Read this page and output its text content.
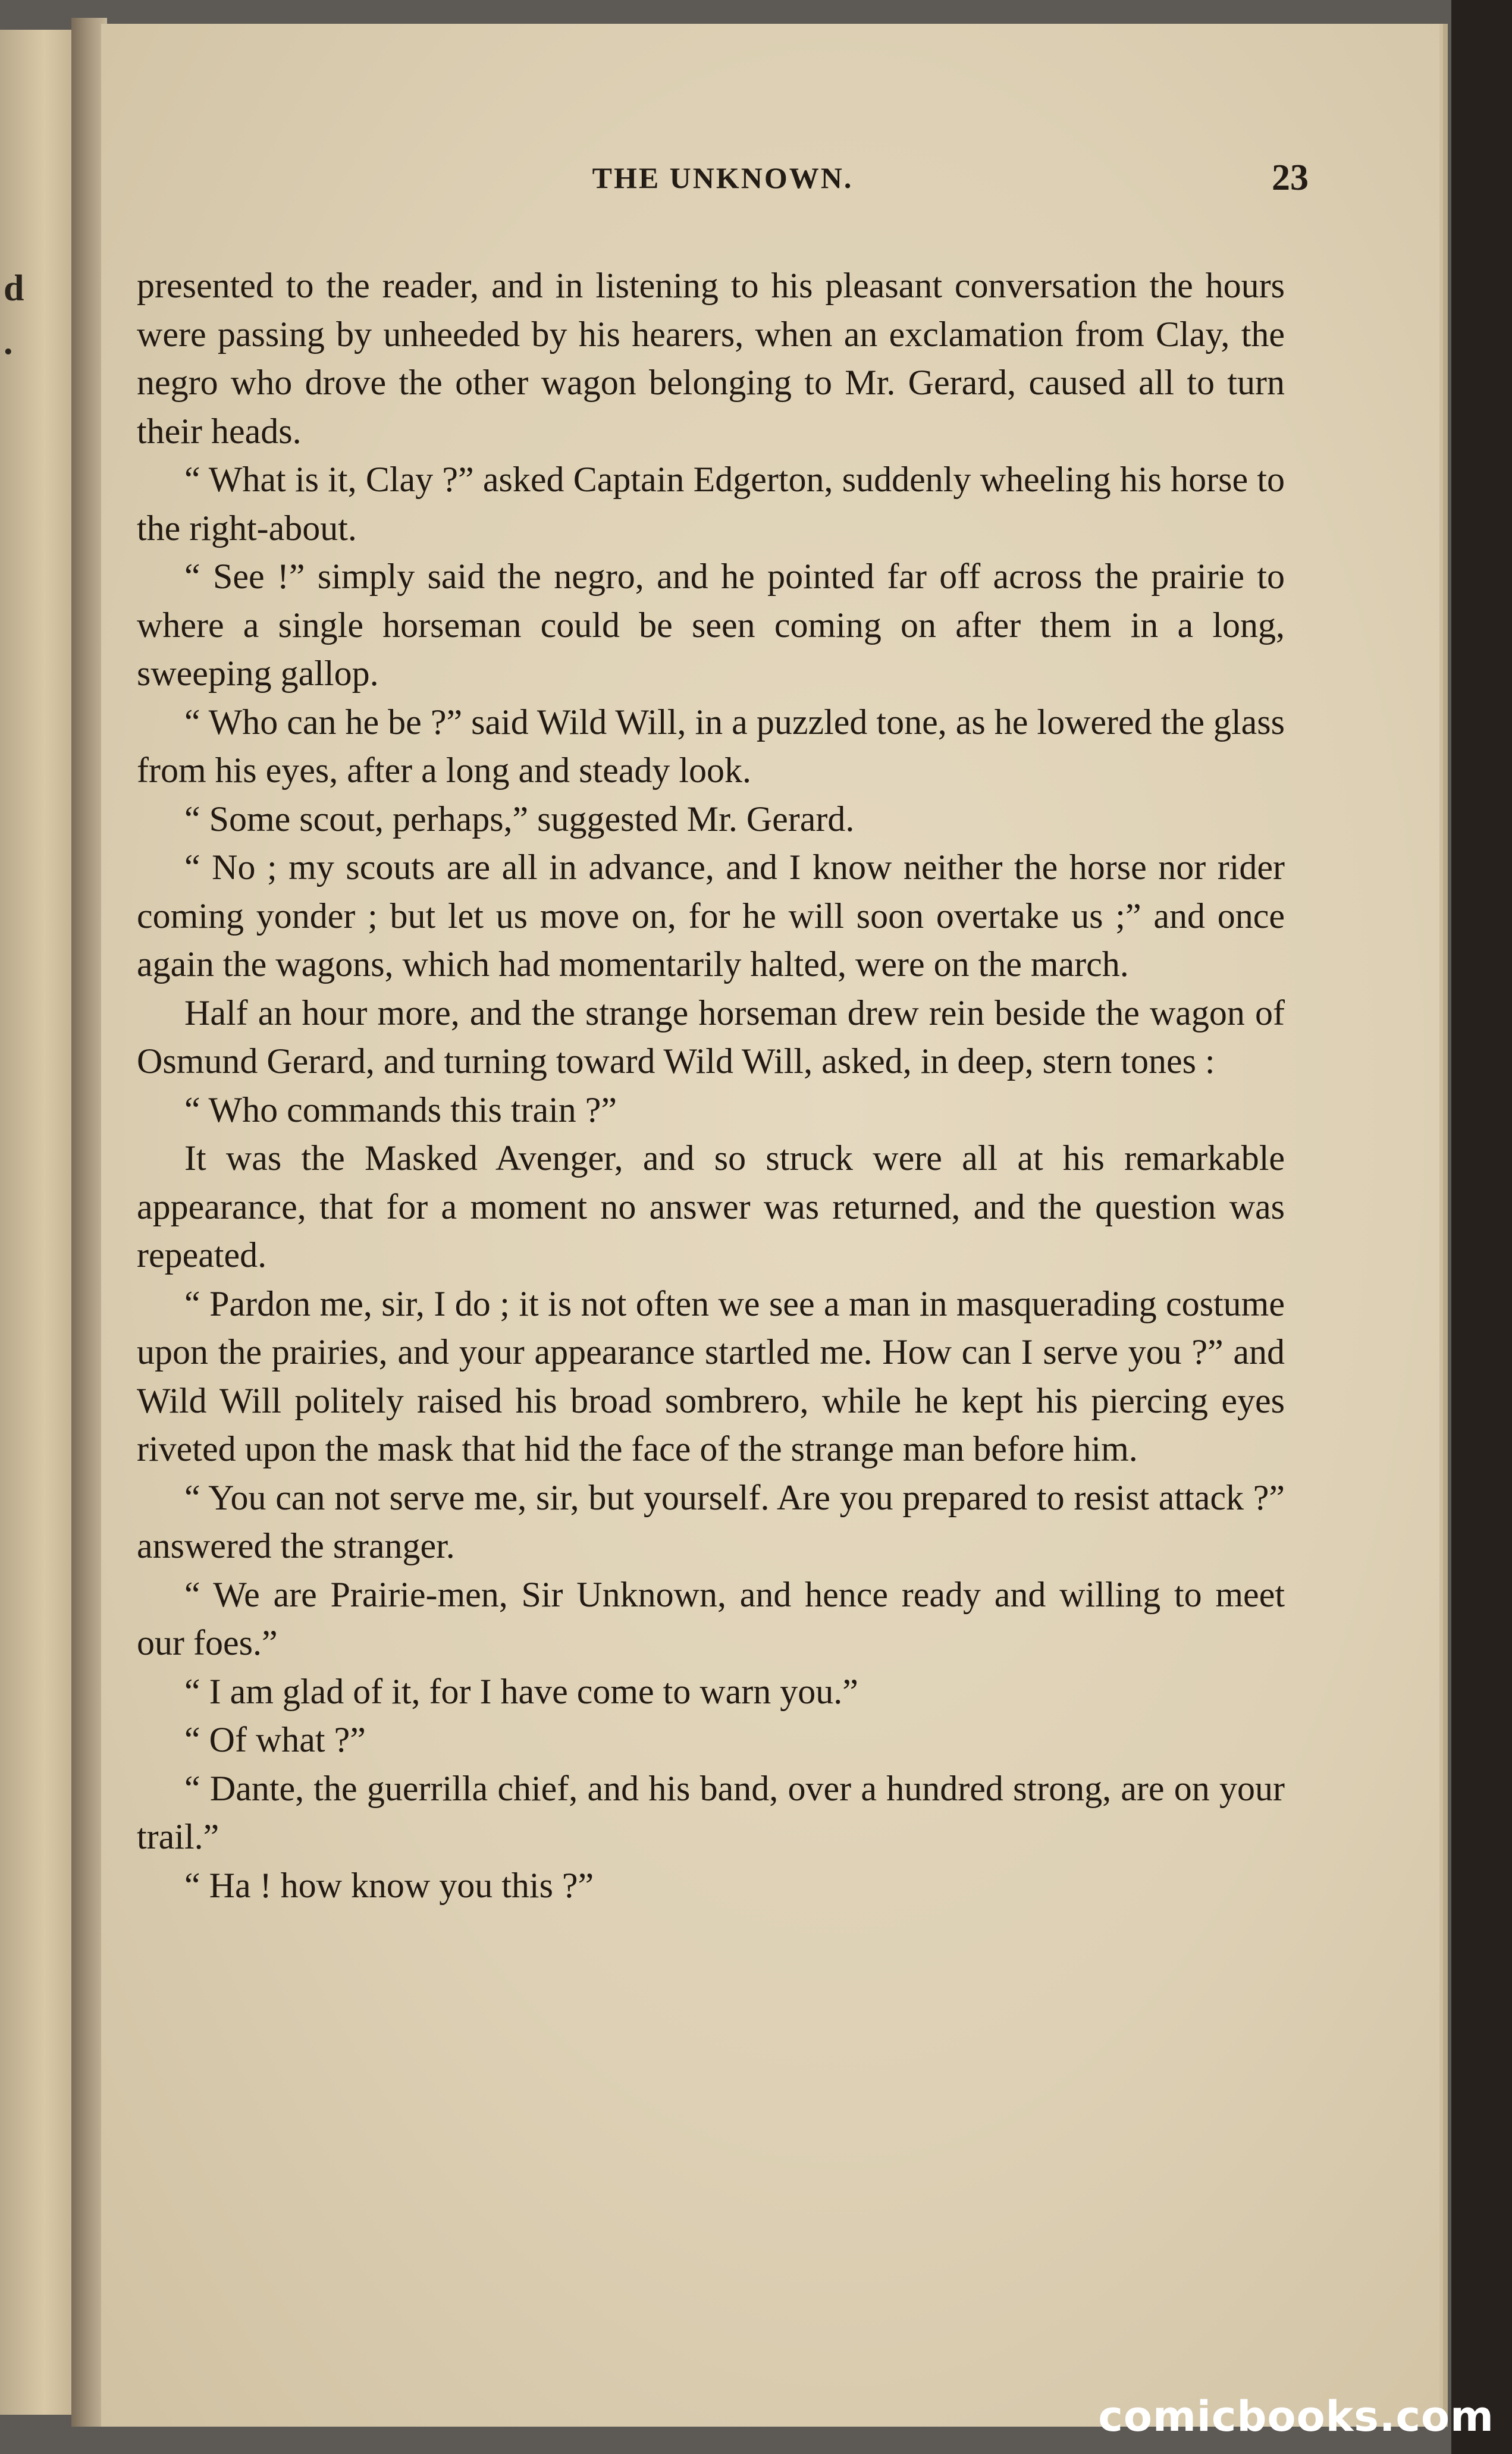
d
.
THE UNKNOWN.	23

presented to the reader, and in listening to his pleasant conversation the hours were passing by unheeded by his hearers, when an exclamation from Clay, the negro who drove the other wagon belonging to Mr. Gerard, caused all to turn their heads.

“ What is it, Clay ?” asked Captain Edgerton, suddenly wheeling his horse to the right-about.

“ See !” simply said the negro, and he pointed far off across the prairie to where a single horseman could be seen coming on after them in a long, sweeping gallop.

“ Who can he be ?” said Wild Will, in a puzzled tone, as he lowered the glass from his eyes, after a long and steady look.

“ Some scout, perhaps,” suggested Mr. Gerard.

“ No ; my scouts are all in advance, and I know neither the horse nor rider coming yonder ; but let us move on, for he will soon overtake us ;” and once again the wagons, which had momentarily halted, were on the march.

Half an hour more, and the strange horseman drew rein beside the wagon of Osmund Gerard, and turning toward Wild Will, asked, in deep, stern tones :

“ Who commands this train ?”

It was the Masked Avenger, and so struck were all at his remarkable appearance, that for a moment no answer was returned, and the question was repeated.

“ Pardon me, sir, I do ; it is not often we see a man in masquerading costume upon the prairies, and your appearance startled me. How can I serve you ?” and Wild Will politely raised his broad sombrero, while he kept his piercing eyes riveted upon the mask that hid the face of the strange man before him.

“ You can not serve me, sir, but yourself. Are you prepared to resist attack ?” answered the stranger.

“ We are Prairie-men, Sir Unknown, and hence ready and willing to meet our foes.”

“ I am glad of it, for I have come to warn you.”

“ Of what ?”

“ Dante, the guerrilla chief, and his band, over a hundred strong, are on your trail.”

“ Ha ! how know you this ?”

comicbooks.com
